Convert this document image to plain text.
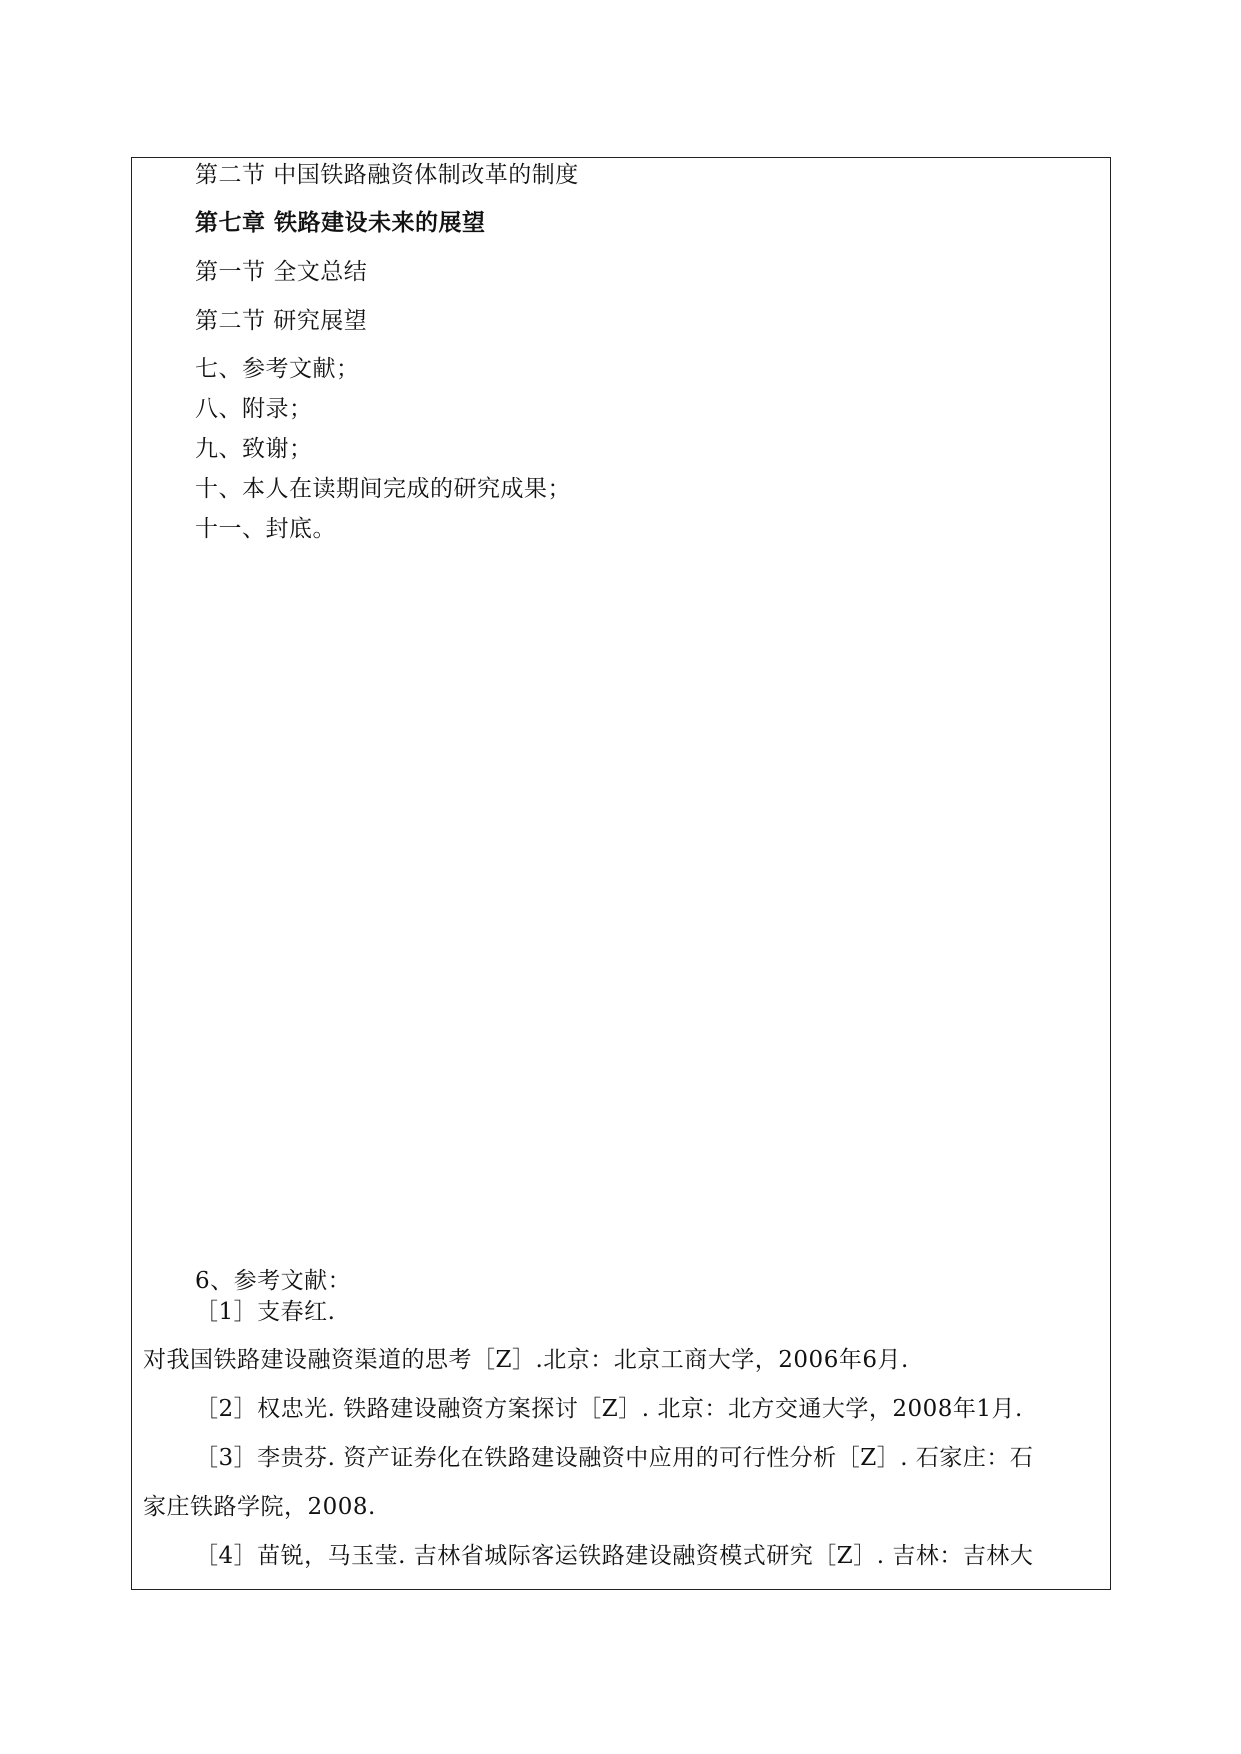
第二节 中国铁路融资体制改革的制度
第七章 铁路建设未来的展望
第一节 全文总结
第二节 研究展望
七、参考文献；
八、附录；
九、致谢；
十、本人在读期间完成的研究成果；
十一、封底。
6、参考文献：
［1］支春红.
对我国铁路建设融资渠道的思考［Z］.北京：北京工商大学，2006年6月.
［2］权忠光. 铁路建设融资方案探讨［Z］. 北京：北方交通大学，2008年1月.
［3］李贵芬. 资产证券化在铁路建设融资中应用的可行性分析［Z］. 石家庄：石
家庄铁路学院，2008.
［4］苗锐，马玉莹. 吉林省城际客运铁路建设融资模式研究［Z］. 吉林：吉林大
